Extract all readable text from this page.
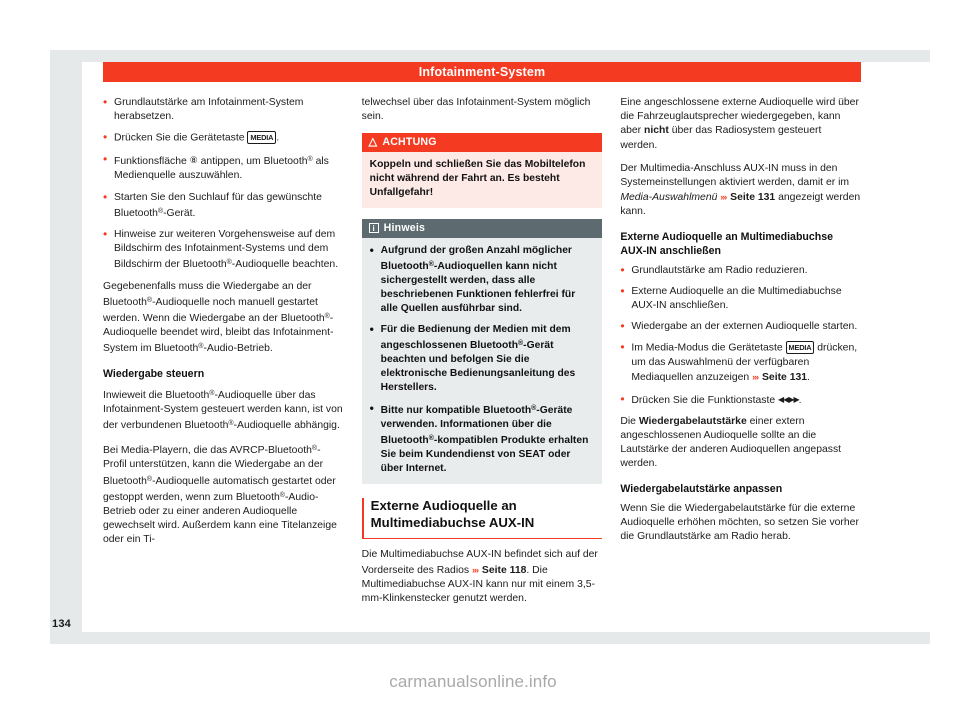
Infotainment-System
• Grundlautstärke am Infotainment-System herabsetzen.
• Drücken Sie die Gerätetaste MEDIA .
• Funktionsfläche ⑧ antippen, um Bluetooth® als Medienquelle auszuwählen.
• Starten Sie den Suchlauf für das gewünschte Bluetooth®-Gerät.
• Hinweise zur weiteren Vorgehensweise auf dem Bildschirm des Infotainment-Systems und dem Bildschirm der Bluetooth®-Audioquelle beachten.

Gegebenenfalls muss die Wiedergabe an der Bluetooth®-Audioquelle noch manuell gestartet werden. Wenn die Wiedergabe an der Bluetooth®-Audioquelle beendet wird, bleibt das Infotainment-System im Bluetooth®-Audio-Betrieb.

Wiedergabe steuern

Inwieweit die Bluetooth®-Audioquelle über das Infotainment-System gesteuert werden kann, ist von der verbundenen Bluetooth®-Audioquelle abhängig.

Bei Media-Playern, die das AVRCP-Bluetooth®-Profil unterstützen, kann die Wiedergabe an der Bluetooth®-Audioquelle automatisch gestartet oder gestoppt werden, wenn zum Bluetooth®-Audio-Betrieb oder zu einer anderen Audioquelle gewechselt wird. Außerdem kann eine Titelanzeige oder ein Ti-

telwechsel über das Infotainment-System möglich sein.

△ ACHTUNG
Koppeln und schließen Sie das Mobiltelefon nicht während der Fahrt an. Es besteht Unfallgefahr!
i Hinweis
• Aufgrund der großen Anzahl möglicher Bluetooth®-Audioquellen kann nicht sichergestellt werden, dass alle beschriebenen Funktionen fehlerfrei für alle Quellen ausführbar sind.
• Für die Bedienung der Medien mit dem angeschlossenen Bluetooth®-Gerät beachten und befolgen Sie die elektronische Bedienungsanleitung des Herstellers.
• Bitte nur kompatible Bluetooth®-Geräte verwenden. Informationen über die Bluetooth®-kompatiblen Produkte erhalten Sie beim Kundendienst von SEAT oder über Internet.
Externe Audioquelle an Multimediabuchse AUX-IN

Die Multimediabuchse AUX-IN befindet sich auf der Vorderseite des Radios ››› Seite 118. Die Multimediabuchse AUX-IN kann nur mit einem 3,5-mm-Klinkenstecker genutzt werden.

Eine angeschlossene externe Audioquelle wird über die Fahrzeuglautsprecher wiedergegeben, kann aber nicht über das Radiosystem gesteuert werden.

Der Multimedia-Anschluss AUX-IN muss in den Systemeinstellungen aktiviert werden, damit er im Media-Auswahlmenü ››› Seite 131 angezeigt werden kann.

Externe Audioquelle an Multimediabuchse AUX-IN anschließen
• Grundlautstärke am Radio reduzieren.
• Externe Audioquelle an die Multimediabuchse AUX-IN anschließen.
• Wiedergabe an der externen Audioquelle starten.
• Im Media-Modus die Gerätetaste MEDIA drücken, um das Auswahlmenü der verfügbaren Mediaquellen anzuzeigen ››› Seite 131.
• Drücken Sie die Funktionstaste ◀◀▶▶.

Die Wiedergabelautstärke einer extern angeschlossenen Audioquelle sollte an die Lautstärke der anderen Audioquellen angepasst werden.

Wiedergabelautstärke anpassen

Wenn Sie die Wiedergabelautstärke für die externe Audioquelle erhöhen möchten, so setzen Sie vorher die Grundlautstärke am Radio herab.

134
carmanualsonline.info
